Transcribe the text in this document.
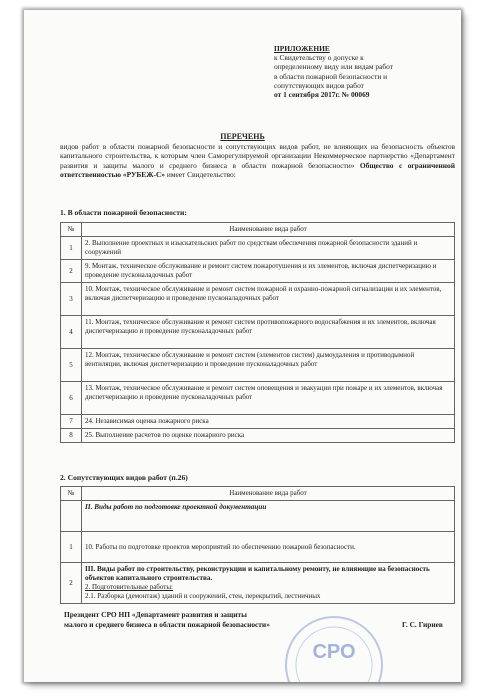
ПРИЛОЖЕНИЕ
к Свидетельству о допуске к
определенному виду или видам работ
в области пожарной безопасности и
сопутствующих видов работ
от 1 сентября 2017г. № 00069
ПЕРЕЧЕНЬ
видов работ в области пожарной безопасности и сопутствующих видов работ, не влияющих на безопасность объектов капитального строительства, к которым член Саморегулируемой организации Некоммерческое партнерство «Департамент развития и защиты малого и среднего бизнеса в области пожарной безопасности» Общество с ограниченной ответственностью «РУБЕЖ-С» имеет Свидетельство:
1. В области пожарной безопасности:
№	Наименование вида работ
1	2. Выполнение проектных и изыскательских работ по средствам обеспечения пожарной безопасности зданий и сооружений
2	9. Монтаж, техническое обслуживание и ремонт систем пожаротушения и их элементов, включая диспетчеризацию и проведение пусконаладочных работ
3	10. Монтаж, техническое обслуживание и ремонт систем пожарной и охранно-пожарной сигнализации и их элементов, включая диспетчеризацию и проведение пусконаладочных работ
4	11. Монтаж, техническое обслуживание и ремонт систем противопожарного водоснабжения и их элементов, включая диспетчеризацию и проведение пусконаладочных работ
5	12. Монтаж, техническое обслуживание и ремонт систем (элементов систем) дымоудаления и противодымной вентиляции, включая диспетчеризацию и проведение пусконаладочных работ
6	13. Монтаж, техническое обслуживание и ремонт систем оповещения и эвакуации при пожаре и их элементов, включая диспетчеризацию и проведение пусконаладочных работ
7	24. Независимая оценка пожарного риска
8	25. Выполнение расчетов по оценке пожарного риска
2. Сопутствующих видов работ (п.26)
№	Наименование вида работ
	II. Виды работ по подготовке проектной документации
1	10. Работы по подготовке проектов мероприятий по обеспечению пожарной безопасности.
2	III. Виды работ по строительству, реконструкции и капитальному ремонту, не влияющие на безопасность объектов капитального строительства.
2. Подготовительные работы:
2.1. Разборка (демонтаж) зданий и сооружений, стен, перекрытий, лестничных
СРО
Президент СРО НП «Департамент развития и защиты
малого и среднего бизнеса в области пожарной безопасности»	Г. С. Гириев
